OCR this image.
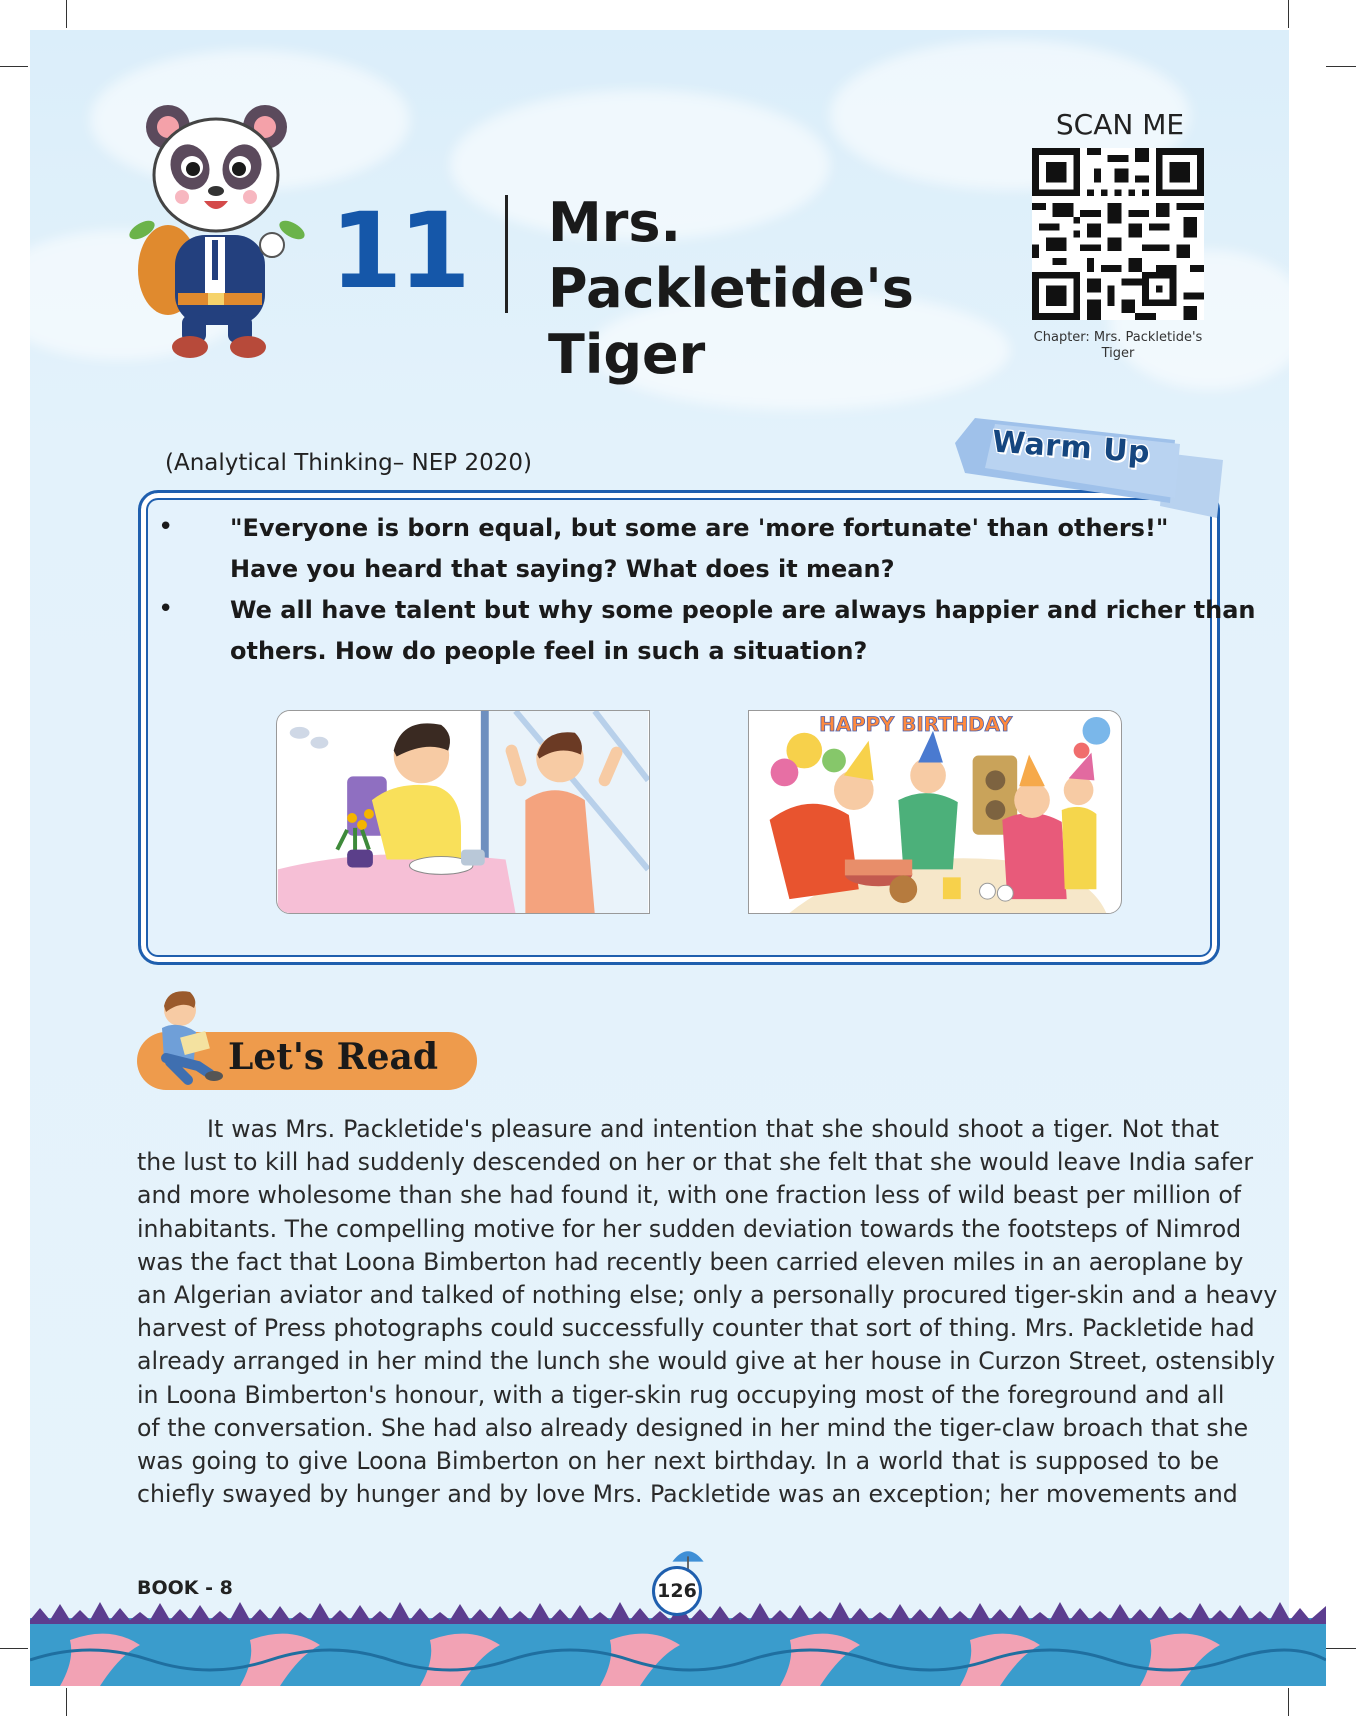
11 Mrs. Packletide's
Tiger
SCAN ME
Chapter: Mrs. Packletide's
Tiger
(Analytical Thinking– NEP 2020)	Warm Up
• "Everyone is born equal, but some are 'more fortunate' than others!"
Have you heard that saying? What does it mean?
• We all have talent but why some people are always happier and richer than
others. How do people feel in such a situation?
HAPPY BIRTHDAY
Let's Read
It was Mrs. Packletide's pleasure and intention that she should shoot a tiger. Not that
the lust to kill had suddenly descended on her or that she felt that she would leave India safer
and more wholesome than she had found it, with one fraction less of wild beast per million of
inhabitants. The compelling motive for her sudden deviation towards the footsteps of Nimrod
was the fact that Loona Bimberton had recently been carried eleven miles in an aeroplane by
an Algerian aviator and talked of nothing else; only a personally procured tiger-skin and a heavy
harvest of Press photographs could successfully counter that sort of thing. Mrs. Packletide had
already arranged in her mind the lunch she would give at her house in Curzon Street, ostensibly
in Loona Bimberton's honour, with a tiger-skin rug occupying most of the foreground and all
of the conversation. She had also already designed in her mind the tiger-claw broach that she
was going to give Loona Bimberton on her next birthday. In a world that is supposed to be
chiefly swayed by hunger and by love Mrs. Packletide was an exception; her movements and
BOOK - 8	126
